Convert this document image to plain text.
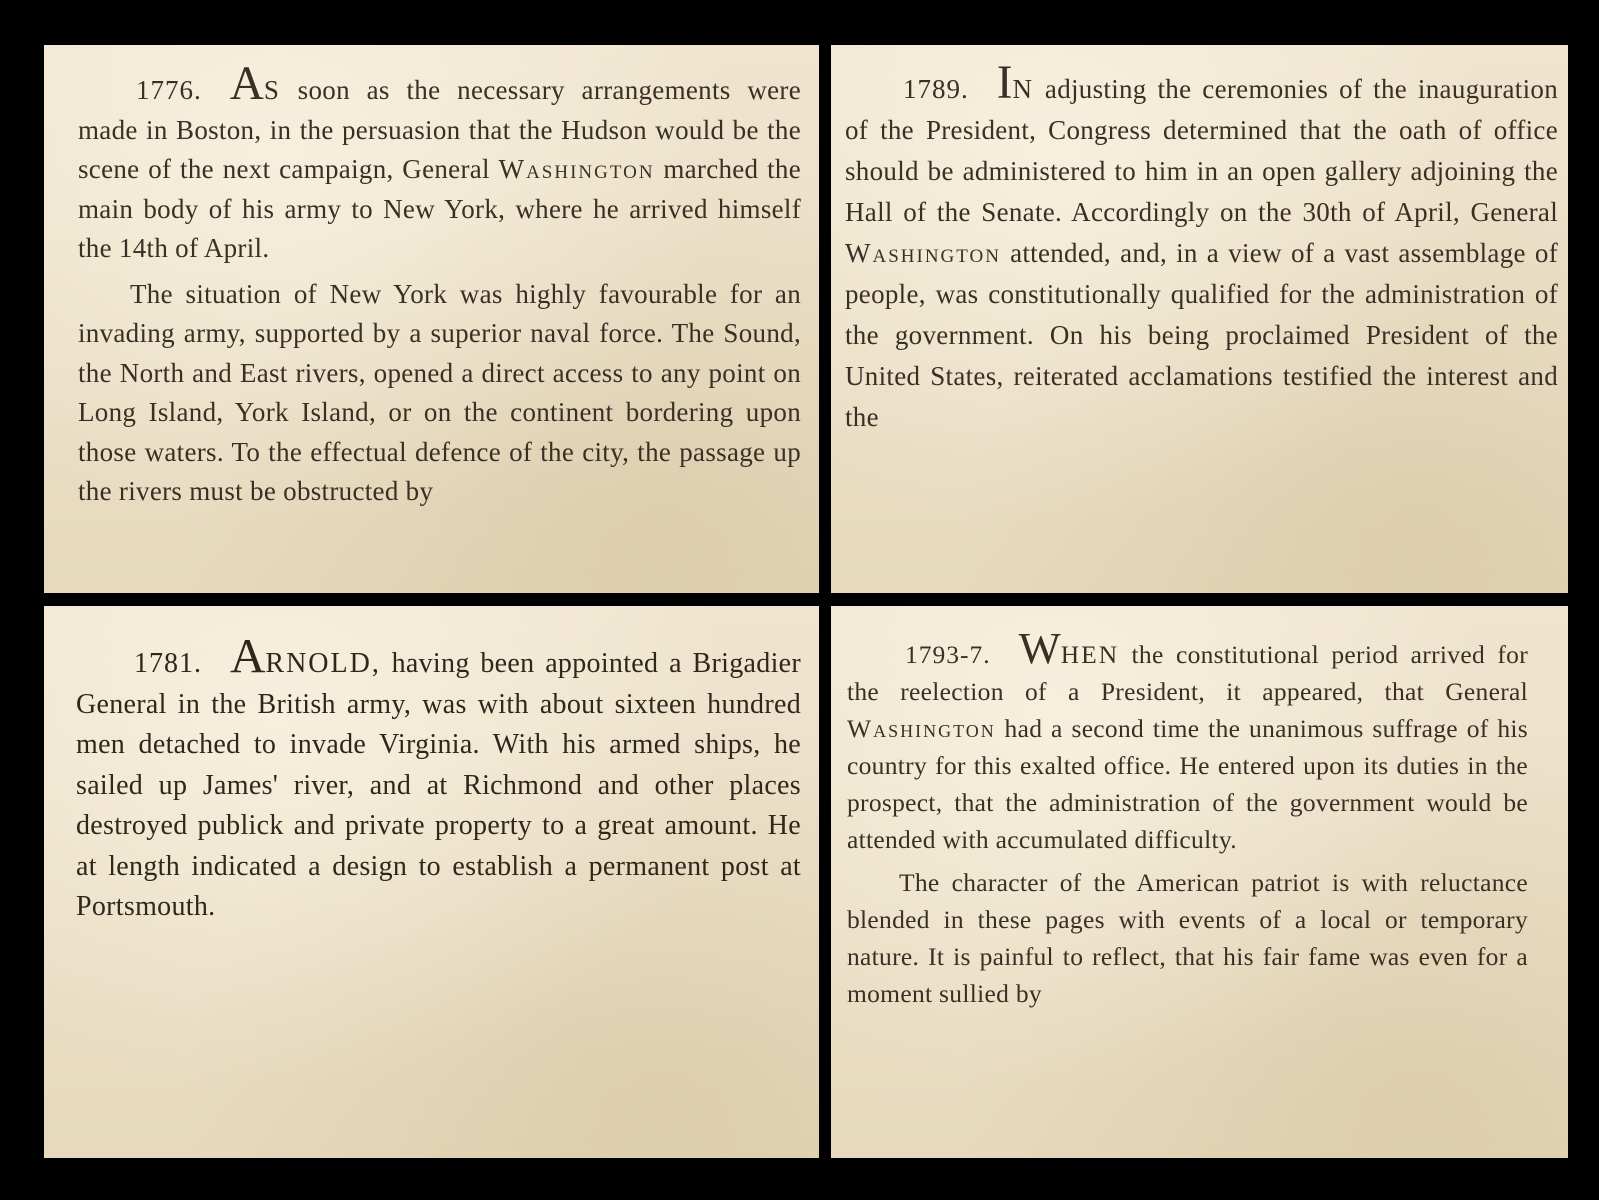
1776. AS soon as the necessary arrangements were made in Boston, in the persuasion that the Hudson would be the scene of the next campaign, General Washington marched the main body of his army to New York, where he arrived himself the 14th of April.

The situation of New York was highly favourable for an invading army, supported by a superior naval force. The Sound, the North and East rivers, opened a direct access to any point on Long Island, York Island, or on the continent bordering upon those waters. To the effectual defence of the city, the passage up the rivers must be obstructed by

1789. IN adjusting the ceremonies of the inauguration of the President, Congress determined that the oath of office should be administered to him in an open gallery adjoining the Hall of the Senate. Accordingly on the 30th of April, General Washington attended, and, in a view of a vast assemblage of people, was constitutionally qualified for the administration of the government. On his being proclaimed President of the United States, reiterated acclamations testified the interest and the

1781. ARNOLD, having been appointed a Brigadier General in the British army, was with about sixteen hundred men detached to invade Virginia. With his armed ships, he sailed up James' river, and at Richmond and other places destroyed publick and private property to a great amount. He at length indicated a design to establish a permanent post at Portsmouth.

1793-7. WHEN the constitutional period arrived for the reelection of a President, it appeared, that General Washington had a second time the unanimous suffrage of his country for this exalted office. He entered upon its duties in the prospect, that the administration of the government would be attended with accumulated difficulty.

The character of the American patriot is with reluctance blended in these pages with events of a local or temporary nature. It is painful to reflect, that his fair fame was even for a moment sullied by
